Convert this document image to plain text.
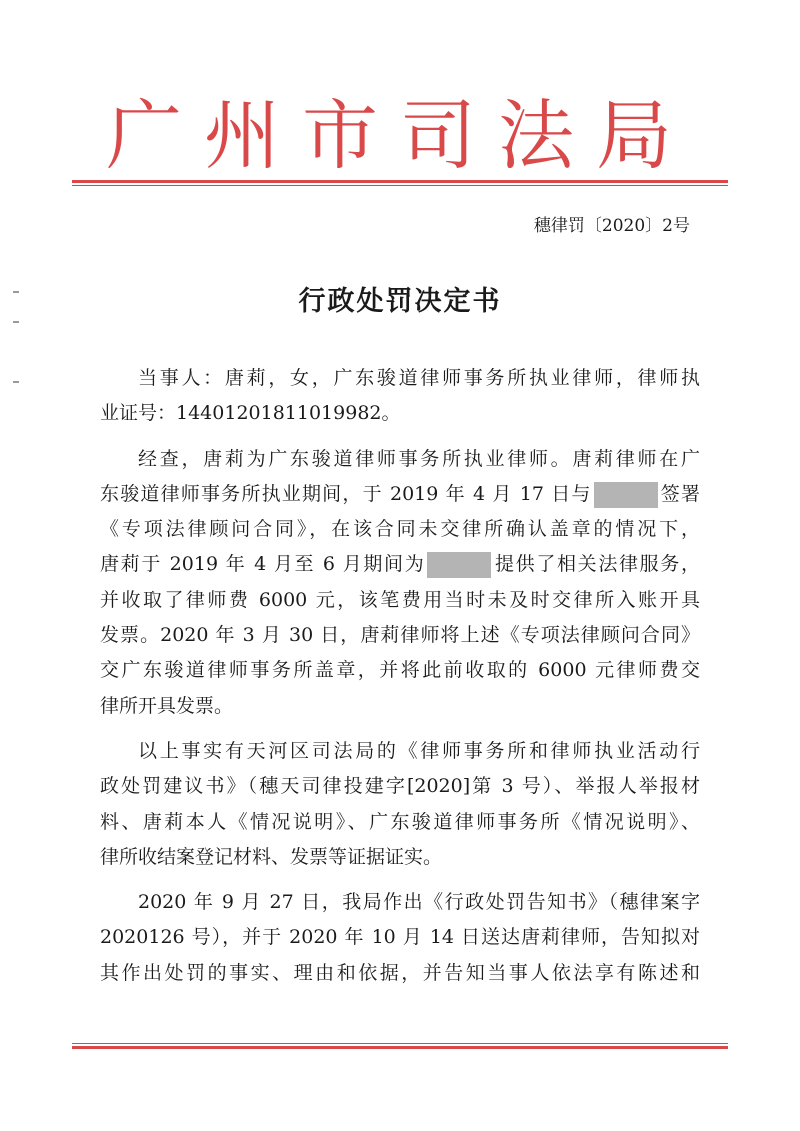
广州市司法局
穗律罚〔2020〕2号
行政处罚决定书
当事人：唐莉，女，广东骏道律师事务所执业律师，律师执
业证号：14401201811019982。
经查，唐莉为广东骏道律师事务所执业律师。唐莉律师在广
东骏道律师事务所执业期间，于 2019 年 4 月 17 日与	签署
《专项法律顾问合同》，在该合同未交律所确认盖章的情况下，
唐莉于 2019 年 4 月至 6 月期间为	提供了相关法律服务，
并收取了律师费 6000 元，该笔费用当时未及时交律所入账开具
发票。2020 年 3 月 30 日，唐莉律师将上述《专项法律顾问合同》
交广东骏道律师事务所盖章，并将此前收取的 6000 元律师费交
律所开具发票。
以上事实有天河区司法局的《律师事务所和律师执业活动行
政处罚建议书》（穗天司律投建字[2020]第 3 号）、举报人举报材
料、唐莉本人《情况说明》、广东骏道律师事务所《情况说明》、
律所收结案登记材料、发票等证据证实。
2020 年 9 月 27 日，我局作出《行政处罚告知书》（穗律案字
2020126 号），并于 2020 年 10 月 14 日送达唐莉律师，告知拟对
其作出处罚的事实、理由和依据，并告知当事人依法享有陈述和
